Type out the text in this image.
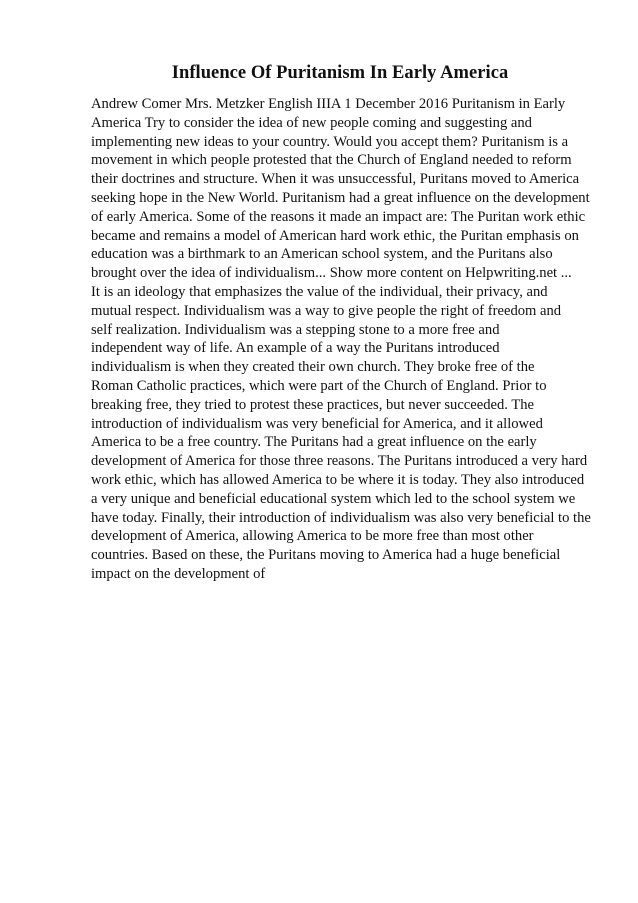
Influence Of Puritanism In Early America

Andrew Comer Mrs. Metzker English IIIA 1 December 2016 Puritanism in Early
America Try to consider the idea of new people coming and suggesting and
implementing new ideas to your country. Would you accept them? Puritanism is a
movement in which people protested that the Church of England needed to reform
their doctrines and structure. When it was unsuccessful, Puritans moved to America
seeking hope in the New World. Puritanism had a great influence on the development
of early America. Some of the reasons it made an impact are: The Puritan work ethic
became and remains a model of American hard work ethic, the Puritan emphasis on
education was a birthmark to an American school system, and the Puritans also
brought over the idea of individualism... Show more content on Helpwriting.net ...
It is an ideology that emphasizes the value of the individual, their privacy, and
mutual respect. Individualism was a way to give people the right of freedom and
self realization. Individualism was a stepping stone to a more free and
independent way of life. An example of a way the Puritans introduced
individualism is when they created their own church. They broke free of the
Roman Catholic practices, which were part of the Church of England. Prior to
breaking free, they tried to protest these practices, but never succeeded. The
introduction of individualism was very beneficial for America, and it allowed
America to be a free country. The Puritans had a great influence on the early
development of America for those three reasons. The Puritans introduced a very hard
work ethic, which has allowed America to be where it is today. They also introduced
a very unique and beneficial educational system which led to the school system we
have today. Finally, their introduction of individualism was also very beneficial to the
development of America, allowing America to be more free than most other
countries. Based on these, the Puritans moving to America had a huge beneficial
impact on the development of
